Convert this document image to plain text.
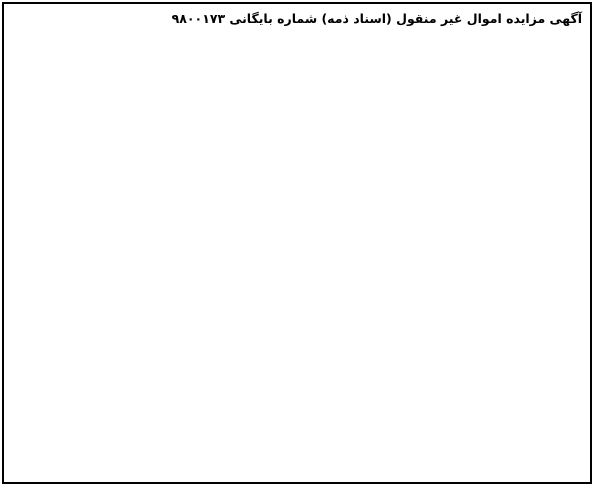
آگهی مزایده اموال غیر منقول (اسناد ذمه) شماره بایگانی ۹۸۰۰۱۷۳
